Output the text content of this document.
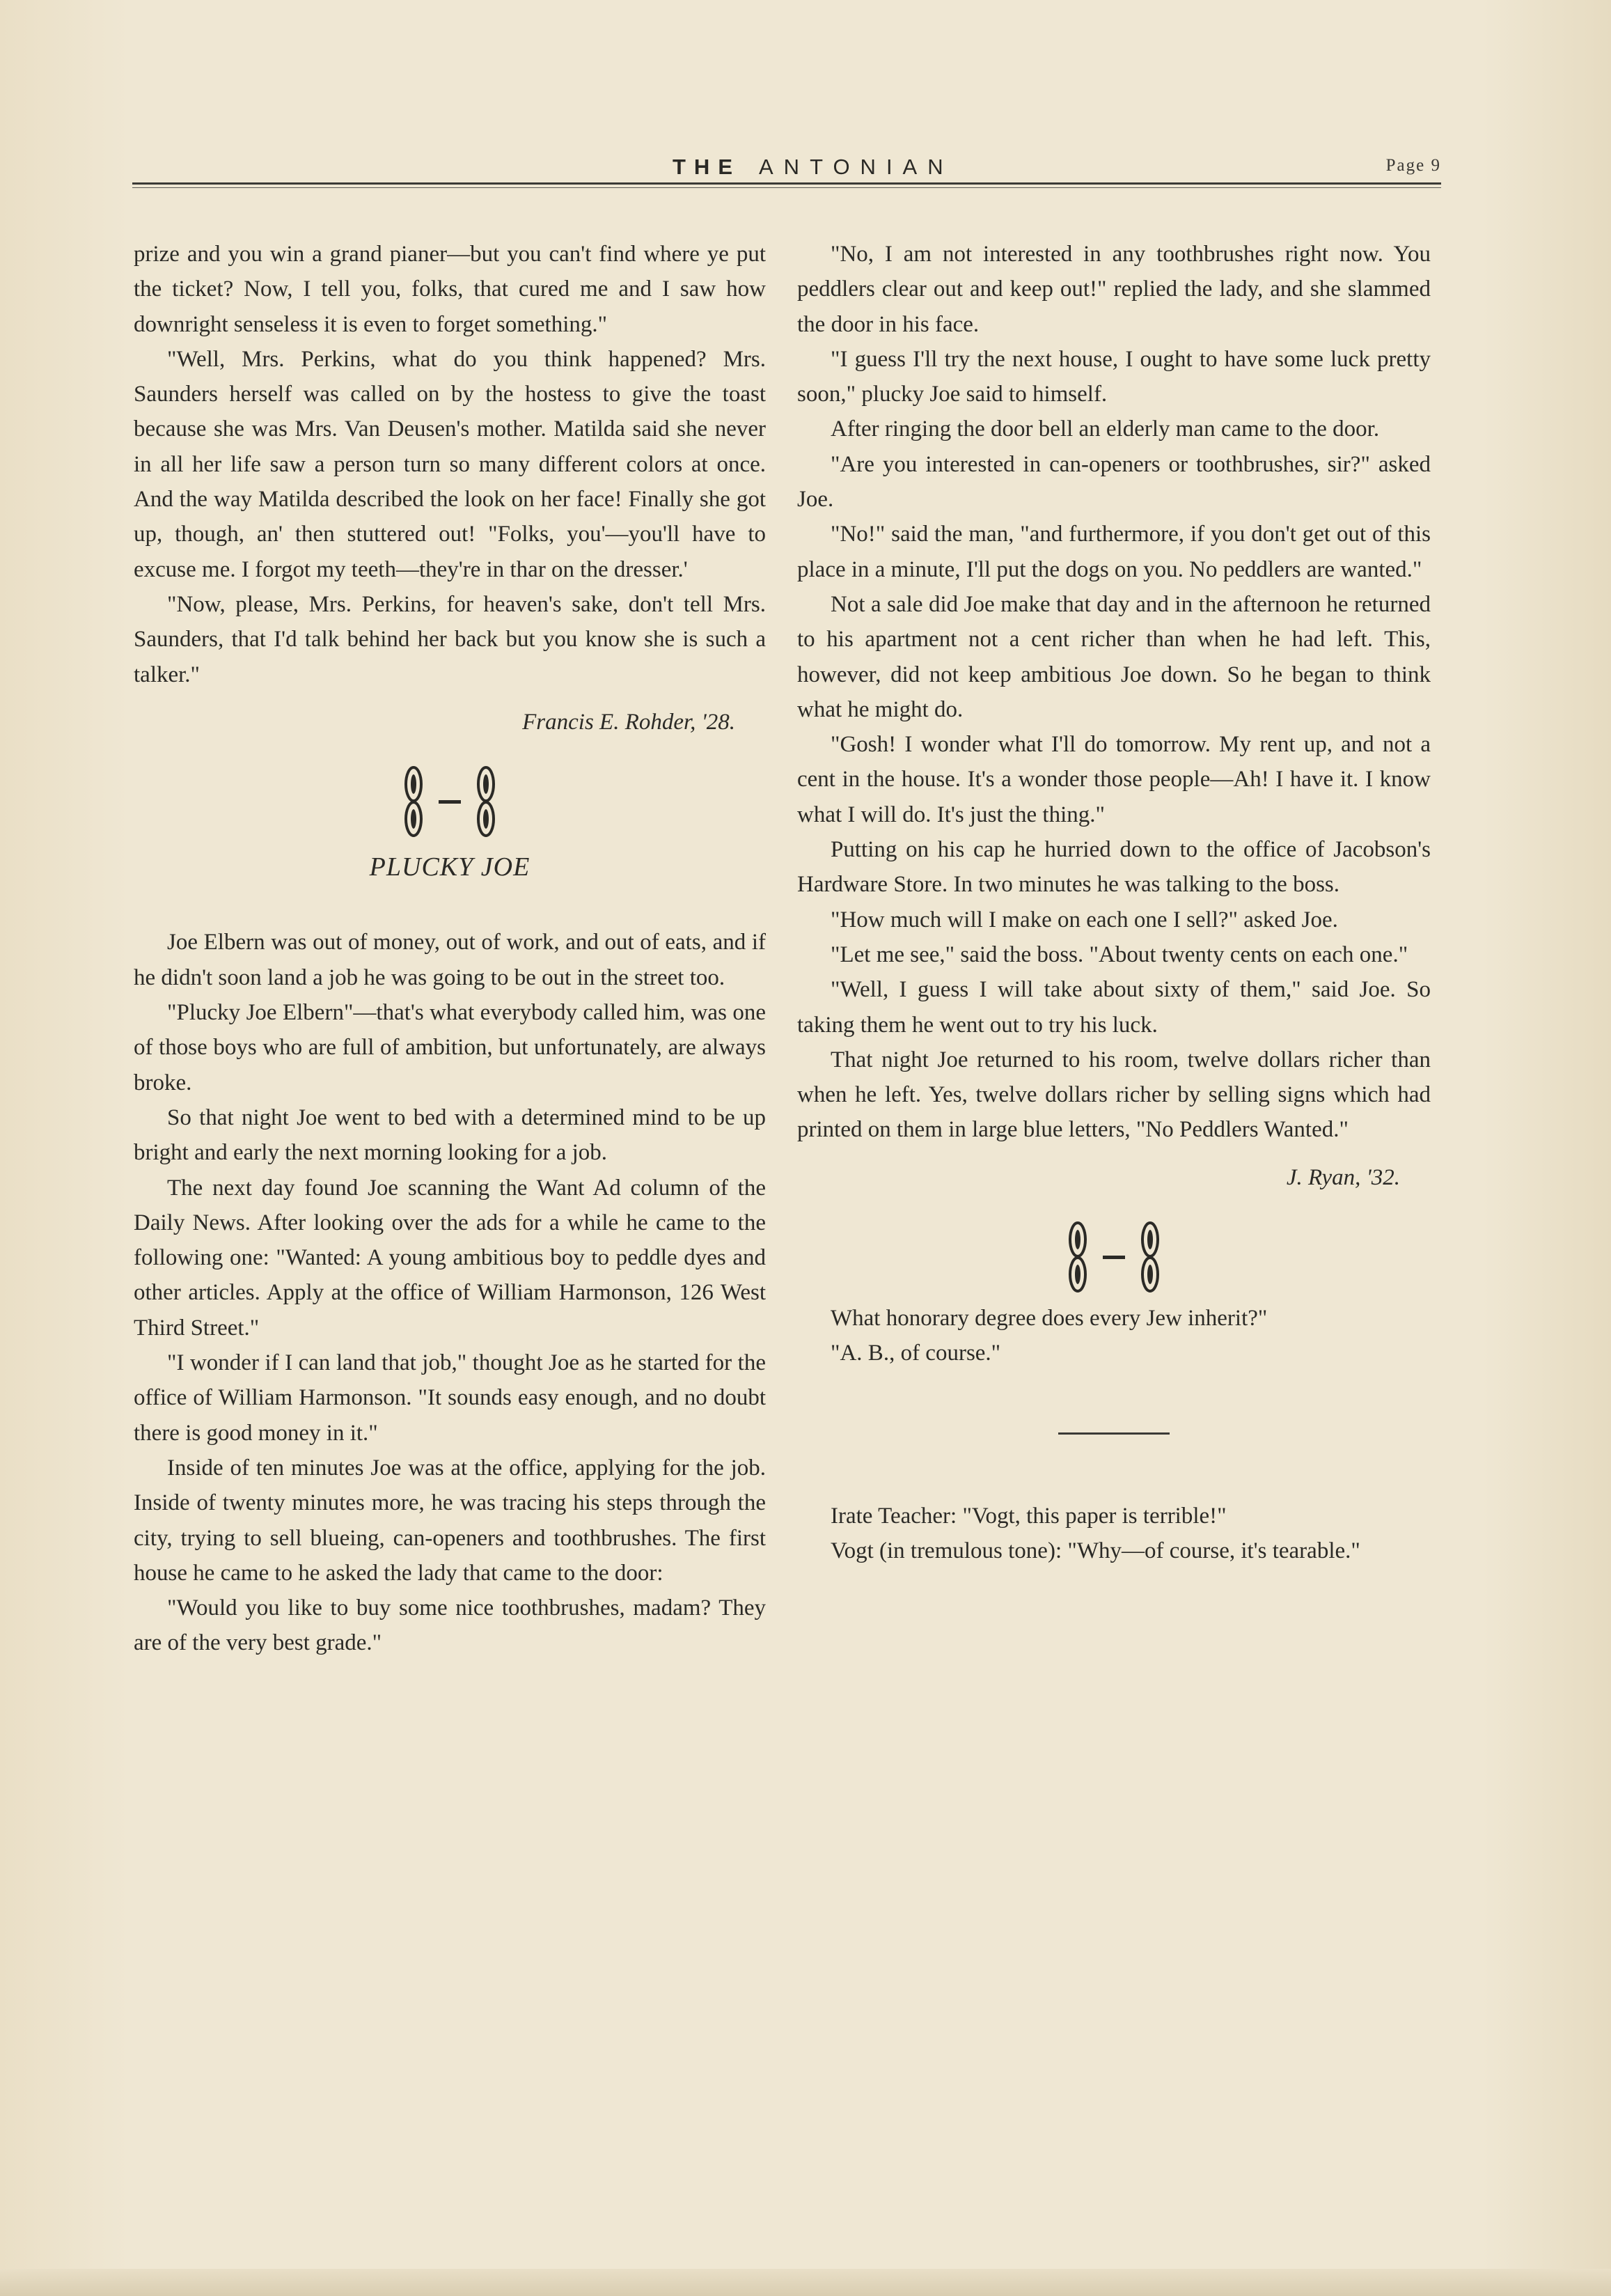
THE ANTONIAN	Page 9

prize and you win a grand pianer—but you can't find where ye put the ticket? Now, I tell you, folks, that cured me and I saw how downright senseless it is even to forget something."

"Well, Mrs. Perkins, what do you think happened? Mrs. Saunders herself was called on by the hostess to give the toast because she was Mrs. Van Deusen's mother. Matilda said she never in all her life saw a person turn so many different colors at once. And the way Matilda described the look on her face! Finally she got up, though, an' then stuttered out! "Folks, you'—you'll have to excuse me. I forgot my teeth—they're in thar on the dresser.'

"Now, please, Mrs. Perkins, for heaven's sake, don't tell Mrs. Saunders, that I'd talk behind her back but you know she is such a talker."

Francis E. Rohder, '28.

PLUCKY JOE

Joe Elbern was out of money, out of work, and out of eats, and if he didn't soon land a job he was going to be out in the street too.

"Plucky Joe Elbern"—that's what everybody called him, was one of those boys who are full of ambition, but unfortunately, are always broke.

So that night Joe went to bed with a determined mind to be up bright and early the next morning looking for a job.

The next day found Joe scanning the Want Ad column of the Daily News. After looking over the ads for a while he came to the following one: "Wanted: A young ambitious boy to peddle dyes and other articles. Apply at the office of William Harmonson, 126 West Third Street."

"I wonder if I can land that job," thought Joe as he started for the office of William Harmonson. "It sounds easy enough, and no doubt there is good money in it."

Inside of ten minutes Joe was at the office, applying for the job. Inside of twenty minutes more, he was tracing his steps through the city, trying to sell blueing, can-openers and toothbrushes. The first house he came to he asked the lady that came to the door:

"Would you like to buy some nice toothbrushes, madam? They are of the very best grade."

"No, I am not interested in any toothbrushes right now. You peddlers clear out and keep out!" replied the lady, and she slammed the door in his face.

"I guess I'll try the next house, I ought to have some luck pretty soon," plucky Joe said to himself.

After ringing the door bell an elderly man came to the door.

"Are you interested in can-openers or toothbrushes, sir?" asked Joe.

"No!" said the man, "and furthermore, if you don't get out of this place in a minute, I'll put the dogs on you. No peddlers are wanted."

Not a sale did Joe make that day and in the afternoon he returned to his apartment not a cent richer than when he had left. This, however, did not keep ambitious Joe down. So he began to think what he might do.

"Gosh! I wonder what I'll do tomorrow. My rent up, and not a cent in the house. It's a wonder those people—Ah! I have it. I know what I will do. It's just the thing."

Putting on his cap he hurried down to the office of Jacobson's Hardware Store. In two minutes he was talking to the boss.

"How much will I make on each one I sell?" asked Joe.

"Let me see," said the boss. "About twenty cents on each one."

"Well, I guess I will take about sixty of them," said Joe. So taking them he went out to try his luck.

That night Joe returned to his room, twelve dollars richer than when he left. Yes, twelve dollars richer by selling signs which had printed on them in large blue letters, "No Peddlers Wanted."

J. Ryan, '32.

What honorary degree does every Jew inherit?"

"A. B., of course."

Irate Teacher: "Vogt, this paper is terrible!"

Vogt (in tremulous tone): "Why—of course, it's tearable."
